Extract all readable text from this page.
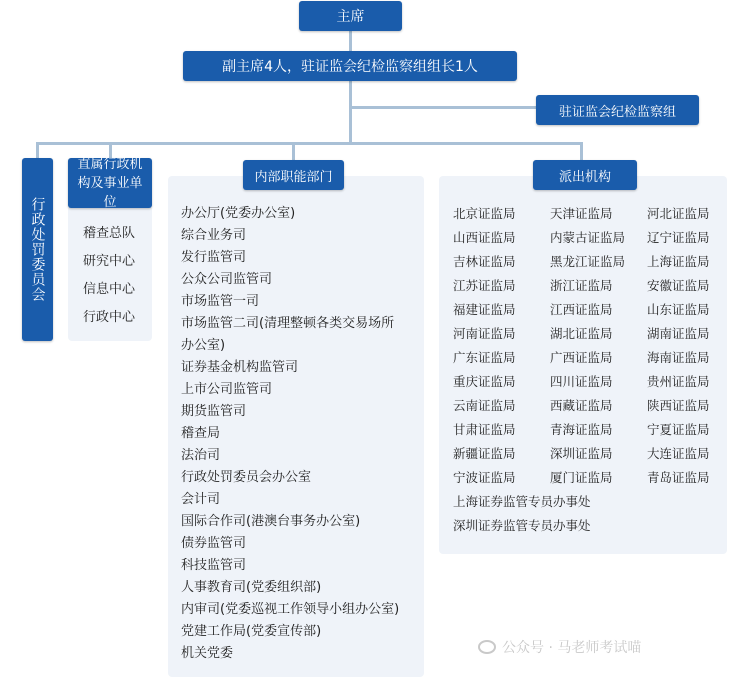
主席
副主席4人，驻证监会纪检监察组组长1人
驻证监会纪检监察组
行政处罚委员会
直属行政机构及事业单位
稽查总队
研究中心
信息中心
行政中心
内部职能部门
办公厅(党委办公室)
综合业务司
发行监管司
公众公司监管司
市场监管一司
市场监管二司(清理整顿各类交易场所
办公室)
证券基金机构监管司
上市公司监管司
期货监管司
稽查局
法治司
行政处罚委员会办公室
会计司
国际合作司(港澳台事务办公室)
债券监管司
科技监管司
人事教育司(党委组织部)
内审司(党委巡视工作领导小组办公室)
党建工作局(党委宣传部)
机关党委
派出机构
北京证监局	天津证监局	河北证监局
山西证监局	内蒙古证监局	辽宁证监局
吉林证监局	黑龙江证监局	上海证监局
江苏证监局	浙江证监局	安徽证监局
福建证监局	江西证监局	山东证监局
河南证监局	湖北证监局	湖南证监局
广东证监局	广西证监局	海南证监局
重庆证监局	四川证监局	贵州证监局
云南证监局	西藏证监局	陕西证监局
甘肃证监局	青海证监局	宁夏证监局
新疆证监局	深圳证监局	大连证监局
宁波证监局	厦门证监局	青岛证监局
上海证券监管专员办事处
深圳证券监管专员办事处
公众号 · 马老师考试喵
